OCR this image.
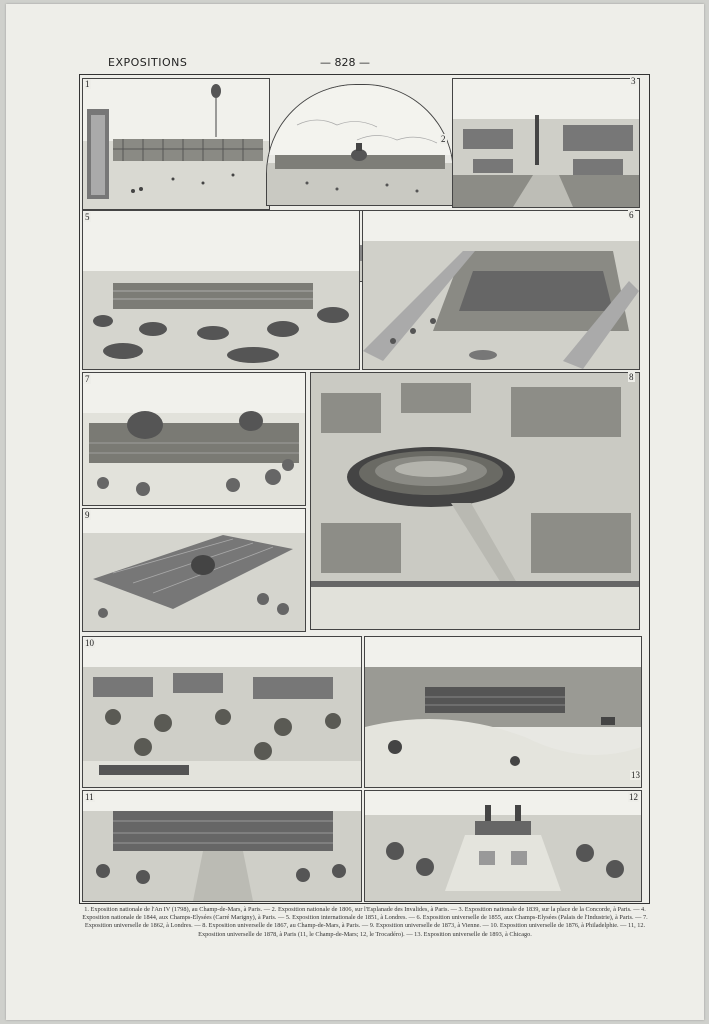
EXPOSITIONS	— 828 —
1
2
3
5	6
7	8
9
10
13
11	12
1. Exposition nationale de l'An IV (1798), au Champ-de-Mars, à Paris. — 2. Exposition nationale de 1806, sur l'Esplanade des Invalides, à Paris. — 3. Exposition nationale de 1839, sur la place de la Concorde, à Paris. — 4. Exposition nationale de 1844, aux Champs-Elysées (Carré Marigny), à Paris. — 5. Exposition internationale de 1851, à Londres. — 6. Exposition universelle de 1855, aux Champs-Elysées (Palais de l'Industrie), à Paris. — 7. Exposition universelle de 1862, à Londres. — 8. Exposition universelle de 1867, au Champ-de-Mars, à Paris. — 9. Exposition universelle de 1873, à Vienne. — 10. Exposition universelle de 1876, à Philadelphie. — 11, 12. Exposition universelle de 1878, à Paris (11, le Champ-de-Mars; 12, le Trocadéro). — 13. Exposition universelle de 1893, à Chicago.
